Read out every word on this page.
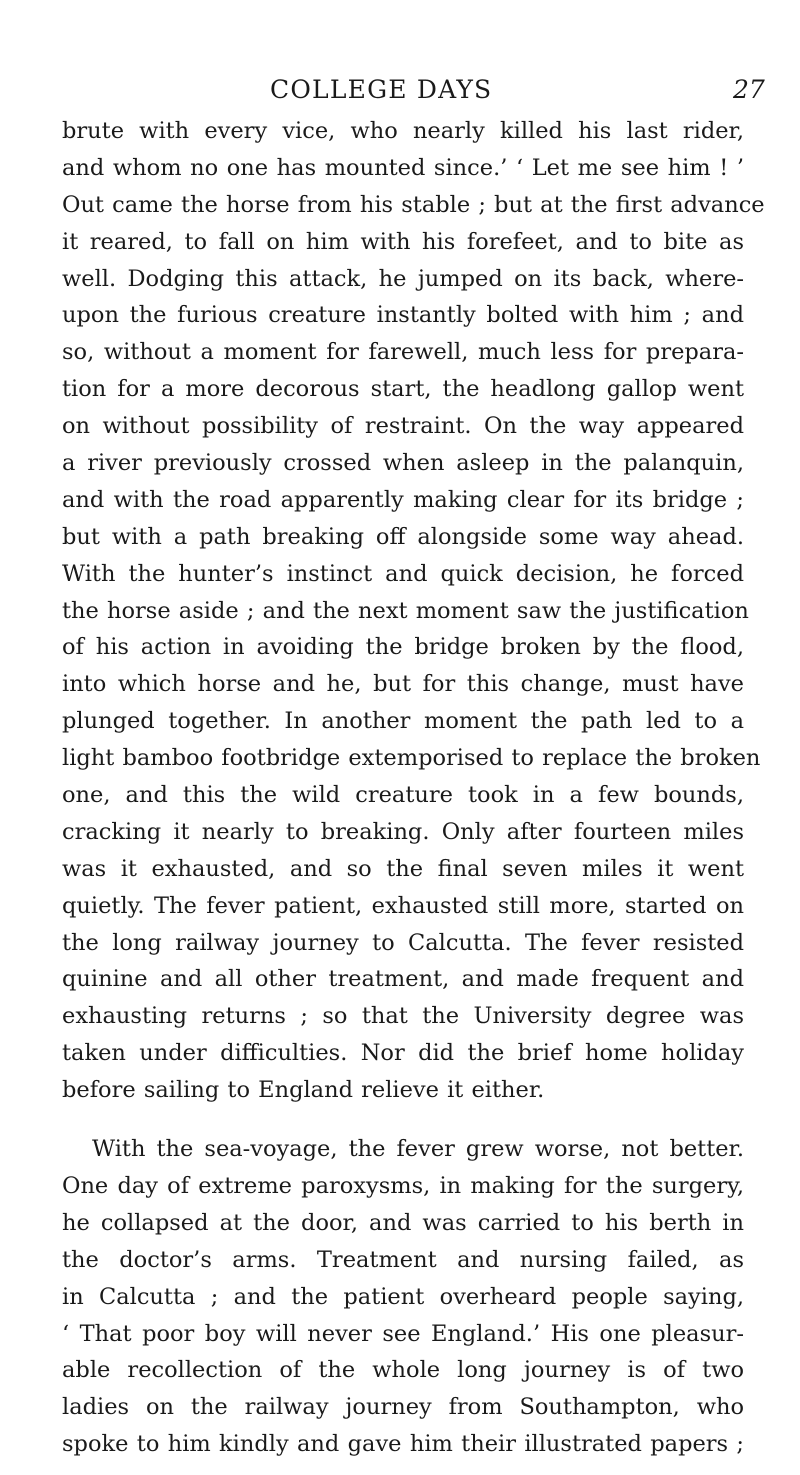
COLLEGE DAYS	27
brute with every vice, who nearly killed his last rider,
and whom no one has mounted since.’ ‘ Let me see him ! ’
Out came the horse from his stable ; but at the first advance
it reared, to fall on him with his forefeet, and to bite as
well. Dodging this attack, he jumped on its back, where-
upon the furious creature instantly bolted with him ; and
so, without a moment for farewell, much less for prepara-
tion for a more decorous start, the headlong gallop went
on without possibility of restraint. On the way appeared
a river previously crossed when asleep in the palanquin,
and with the road apparently making clear for its bridge ;
but with a path breaking off alongside some way ahead.
With the hunter’s instinct and quick decision, he forced
the horse aside ; and the next moment saw the justification
of his action in avoiding the bridge broken by the flood,
into which horse and he, but for this change, must have
plunged together. In another moment the path led to a
light bamboo footbridge extemporised to replace the broken
one, and this the wild creature took in a few bounds,
cracking it nearly to breaking. Only after fourteen miles
was it exhausted, and so the final seven miles it went
quietly. The fever patient, exhausted still more, started on
the long railway journey to Calcutta. The fever resisted
quinine and all other treatment, and made frequent and
exhausting returns ; so that the University degree was
taken under difficulties. Nor did the brief home holiday
before sailing to England relieve it either.
With the sea-voyage, the fever grew worse, not better.
One day of extreme paroxysms, in making for the surgery,
he collapsed at the door, and was carried to his berth in
the doctor’s arms. Treatment and nursing failed, as
in Calcutta ; and the patient overheard people saying,
‘ That poor boy will never see England.’ His one pleasur-
able recollection of the whole long journey is of two
ladies on the railway journey from Southampton, who
spoke to him kindly and gave him their illustrated papers ;
